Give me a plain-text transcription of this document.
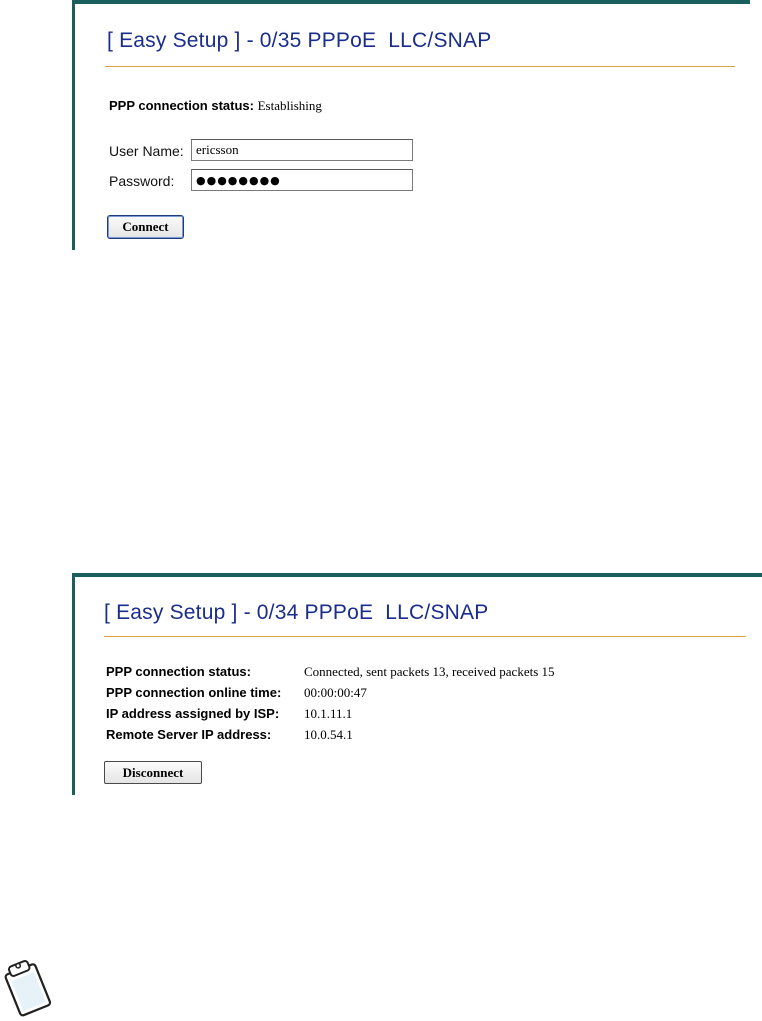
[ Easy Setup ] - 0/35 PPPoE  LLC/SNAP
PPP connection status: Establishing
User Name:
ericsson
Password:
●●●●●●●●
Connect
[ Easy Setup ] - 0/34 PPPoE  LLC/SNAP
PPP connection status:	Connected, sent packets 13, received packets 15
PPP connection online time: 00:00:00:47
IP address assigned by ISP: 10.1.11.1
Remote Server IP address:	10.0.54.1
Disconnect
